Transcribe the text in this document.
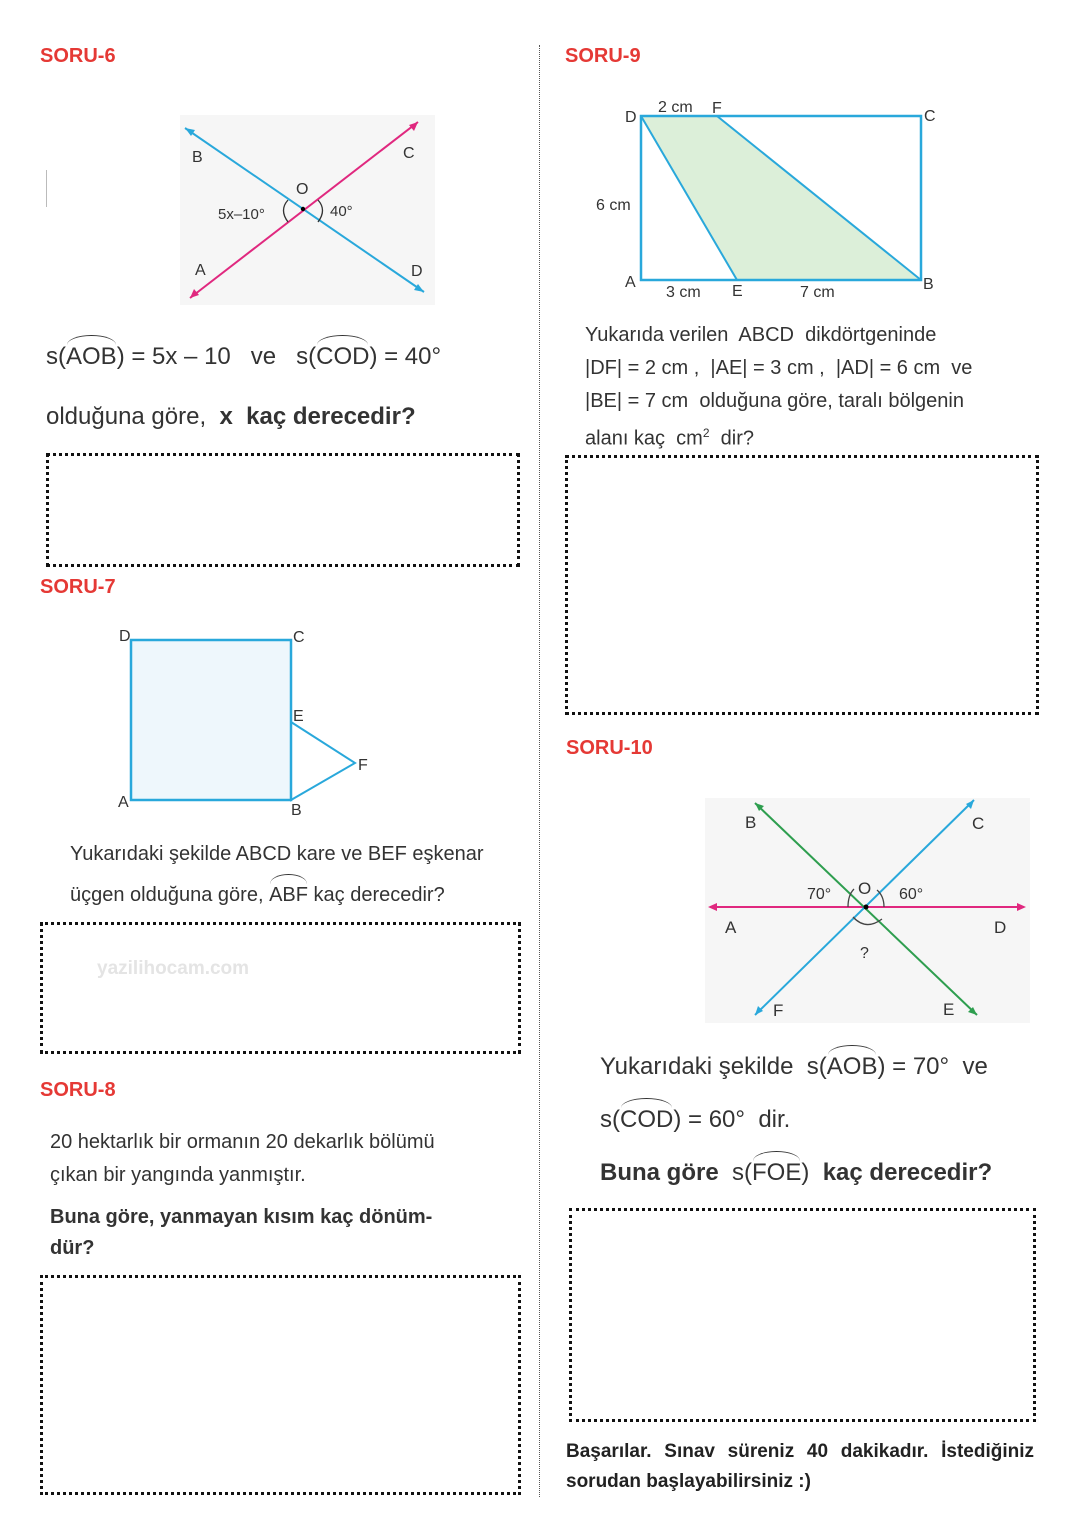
SORU-6
B	C
O
A	D
5x–10°	40°
s(AOB) = 5x – 10   ve   s(COD) = 40°
olduğuna göre,  x  kaç derecedir?
SORU-7
D	C
E
F
A	B
Yukarıdaki şekilde ABCD kare ve BEF eşkenar
üçgen olduğuna göre, ABF kaç derecedir?
yazilihocam.com
SORU-8
20 hektarlık bir ormanın 20 dekarlık bölümü
çıkan bir yangında yanmıştır.
Buna göre, yanmayan kısım kaç dönüm-
dür?
SORU-9
D
2 cm F	C
6 cm
A
3 cm E	7 cm	B
Yukarıda verilen  ABCD  dikdörtgeninde
|DF| = 2 cm ,  |AE| = 3 cm ,  |AD| = 6 cm  ve
|BE| = 7 cm  olduğuna göre, taralı bölgenin
alanı kaç  $cm^2$  dir?
SORU-10
B	C
O
70°	60°
A	D
?
F	E
Yukarıdaki şekilde  s(AOB) = 70°  ve
s(COD) = 60°  dir.
Buna göre  s(FOE)  kaç derecedir?
Başarılar. Sınav süreniz 40 dakikadır. İstediğiniz sorudan başlayabilirsiniz :)
